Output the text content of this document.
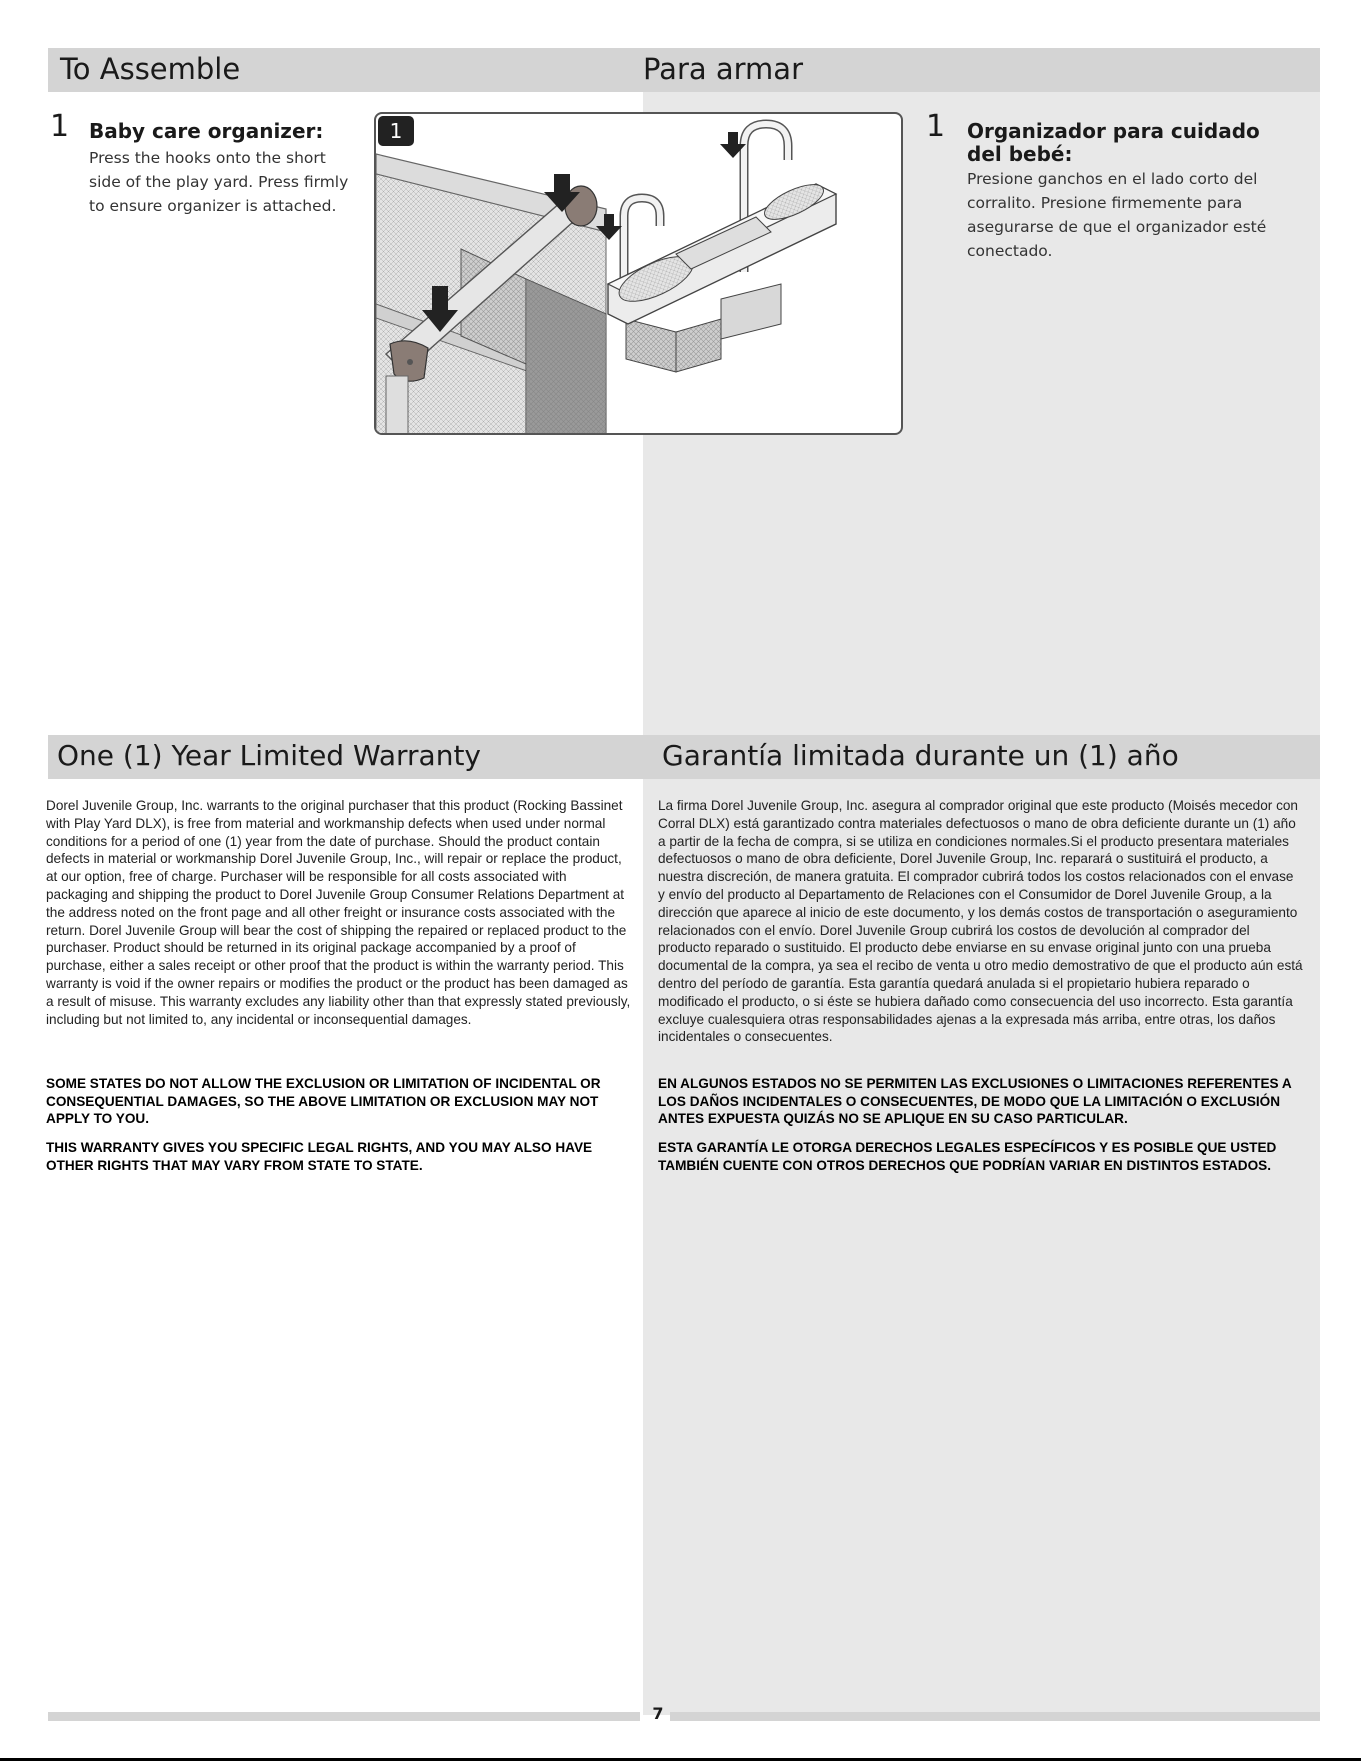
To Assemble	Para armar
1 Baby care organizer:
Press the hooks onto the short side of the play yard. Press firmly to ensure organizer is attached.
1 Organizador para cuidado del bebé:
Presione ganchos en el lado corto del corralito. Presione firmemente para asegurarse de que el organizador esté conectado.
1
One (1) Year Limited Warranty	Garantía limitada durante un (1) año
Dorel Juvenile Group, Inc. warrants to the original purchaser that this product (Rocking Bassinet with Play Yard DLX), is free from material and workmanship defects when used under normal conditions for a period of one (1) year from the date of purchase. Should the product contain defects in material or workmanship Dorel Juvenile Group, Inc., will repair or replace the product, at our option, free of charge. Purchaser will be responsible for all costs associated with packaging and shipping the product to Dorel Juvenile Group Consumer Relations Department at the address noted on the front page and all other freight or insurance costs associated with the return. Dorel Juvenile Group will bear the cost of shipping the repaired or replaced product to the purchaser. Product should be returned in its original package accompanied by a proof of purchase, either a sales receipt or other proof that the product is within the warranty period. This warranty is void if the owner repairs or modifies the product or the product has been damaged as a result of misuse. This warranty excludes any liability other than that expressly stated previously, including but not limited to, any incidental or inconsequential damages.
SOME STATES DO NOT ALLOW THE EXCLUSION OR LIMITATION OF INCIDENTAL OR CONSEQUENTIAL DAMAGES, SO THE ABOVE LIMITATION OR EXCLUSION MAY NOT APPLY TO YOU.
THIS WARRANTY GIVES YOU SPECIFIC LEGAL RIGHTS, AND YOU MAY ALSO HAVE OTHER RIGHTS THAT MAY VARY FROM STATE TO STATE.
La firma Dorel Juvenile Group, Inc. asegura al comprador original que este producto (Moisés mecedor con Corral DLX) está garantizado contra materiales defectuosos o mano de obra deficiente durante un (1) año a partir de la fecha de compra, si se utiliza en condiciones normales.Si el producto presentara materiales defectuosos o mano de obra deficiente, Dorel Juvenile Group, Inc. reparará o sustituirá el producto, a nuestra discreción, de manera gratuita. El comprador cubrirá todos los costos relacionados con el envase y envío del producto al Departamento de Relaciones con el Consumidor de Dorel Juvenile Group, a la dirección que aparece al inicio de este documento, y los demás costos de transportación o aseguramiento relacionados con el envío. Dorel Juvenile Group cubrirá los costos de devolución al comprador del producto reparado o sustituido. El producto debe enviarse en su envase original junto con una prueba documental de la compra, ya sea el recibo de venta u otro medio demostrativo de que el producto aún está dentro del período de garantía. Esta garantía quedará anulada si el propietario hubiera reparado o modificado el producto, o si éste se hubiera dañado como consecuencia del uso incorrecto. Esta garantía excluye cualesquiera otras responsabilidades ajenas a la expresada más arriba, entre otras, los daños incidentales o consecuentes.
EN ALGUNOS ESTADOS NO SE PERMITEN LAS EXCLUSIONES O LIMITACIONES REFERENTES A LOS DAÑOS INCIDENTALES O CONSECUENTES, DE MODO QUE LA LIMITACIÓN O EXCLUSIÓN ANTES EXPUESTA QUIZÁS NO SE APLIQUE EN SU CASO PARTICULAR.
ESTA GARANTÍA LE OTORGA DERECHOS LEGALES ESPECÍFICOS Y ES POSIBLE QUE USTED TAMBIÉN CUENTE CON OTROS DERECHOS QUE PODRÍAN VARIAR EN DISTINTOS ESTADOS.
7
